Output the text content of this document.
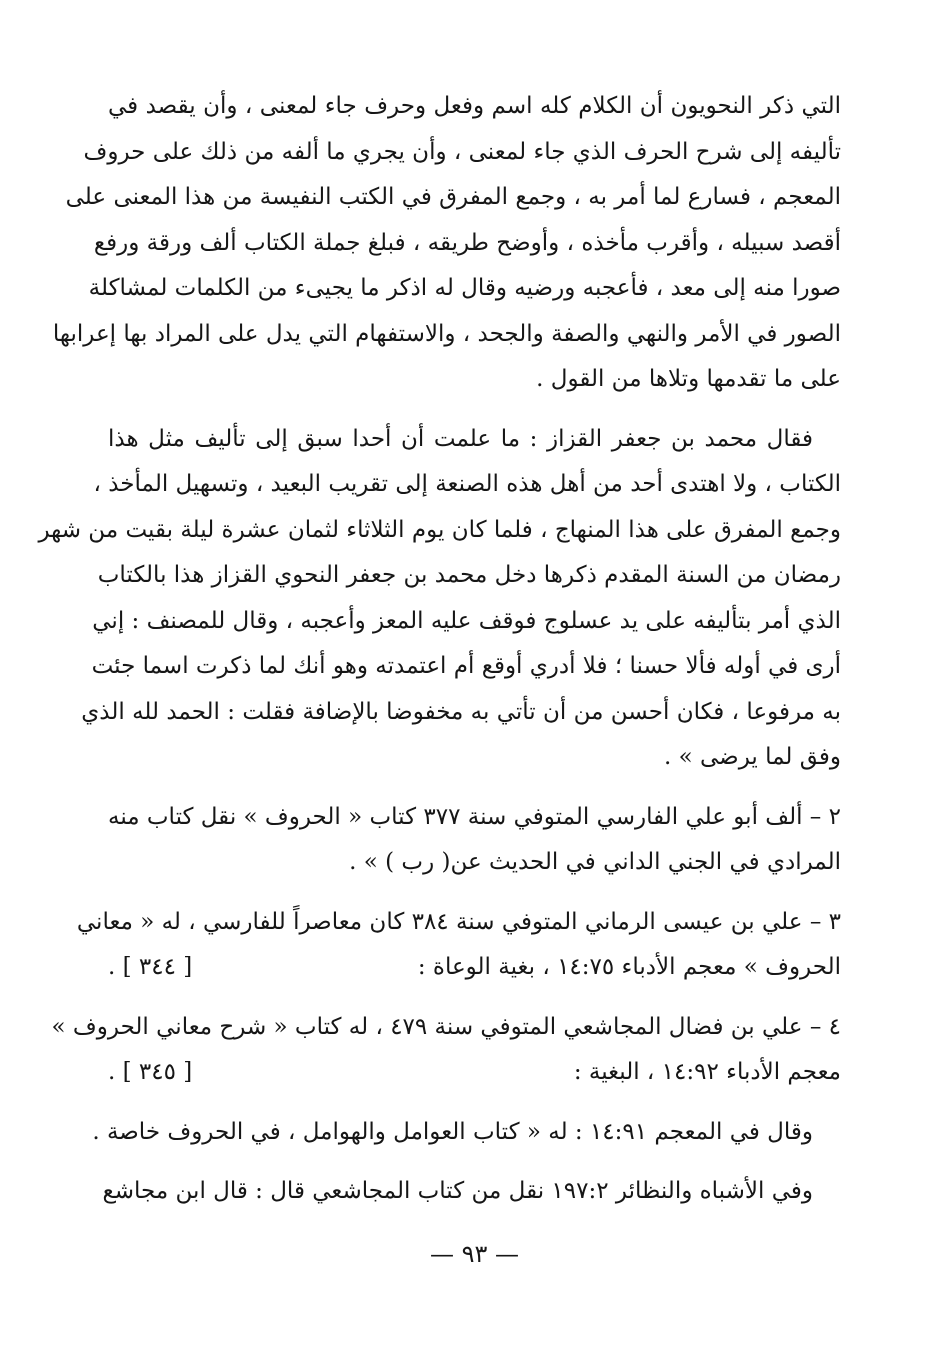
التي ذكر النحويون أن الكلام كله اسم وفعل وحرف جاء لمعنى ، وأن يقصد في
تأليفه إلى شرح الحرف الذي جاء لمعنى ، وأن يجري ما ألفه من ذلك على حروف
المعجم ، فسارع لما أمر به ، وجمع المفرق في الكتب النفيسة من هذا المعنى على
أقصد سبيله ، وأقرب مأخذه ، وأوضح طريقه ، فبلغ جملة الكتاب ألف ورقة ورفع
صورا منه إلى معد ، فأعجبه ورضيه وقال له اذكر ما يجيىء من الكلمات لمشاكلة
الصور في الأمر والنهي والصفة والجحد ، والاستفهام التي يدل على المراد بها إعرابها
على ما تقدمها وتلاها من القول .
فقال محمد بن جعفر القزاز : ما علمت أن أحدا سبق إلى تأليف مثل هذا
الكتاب ، ولا اهتدى أحد من أهل هذه الصنعة إلى تقريب البعيد ، وتسهيل المأخذ ،
وجمع المفرق على هذا المنهاج ، فلما كان يوم الثلاثاء لثمان عشرة ليلة بقيت من شهر
رمضان من السنة المقدم ذكرها دخل محمد بن جعفر النحوي القزاز هذا بالكتاب
الذي أمر بتأليفه على يد عسلوج فوقف عليه المعز وأعجبه ، وقال للمصنف : إني
أرى في أوله فألا حسنا ؛ فلا أدري أوقع أم اعتمدته وهو أنك لما ذكرت اسما جئت
به مرفوعا ، فكان أحسن من أن تأتي به مخفوضا بالإضافة فقلت : الحمد لله الذي
وفق لما يرضى » .
٢ – ألف أبو علي الفارسي المتوفي سنة ٣٧٧ كتاب « الحروف » نقل كتاب منه
المرادي في الجني الداني في الحديث عن( رب ) » .
٣ – علي بن عيسى الرماني المتوفي سنة ٣٨٤ كان معاصراً للفارسي ، له « معاني
الحروف » معجم الأدباء ١٤:٧٥ ، بغية الوعاة :
[ ٣٤٤ ] .
٤ – علي بن فضال المجاشعي المتوفي سنة ٤٧٩ ، له كتاب « شرح معاني الحروف »
معجم الأدباء ١٤:٩٢ ، البغية :
[ ٣٤٥ ] .
وقال في المعجم ١٤:٩١ : له « كتاب العوامل والهوامل ، في الحروف خاصة .
وفي الأشباه والنظائر ١٩٧:٢ نقل من كتاب المجاشعي قال : قال ابن مجاشع
— ٩٣ —
